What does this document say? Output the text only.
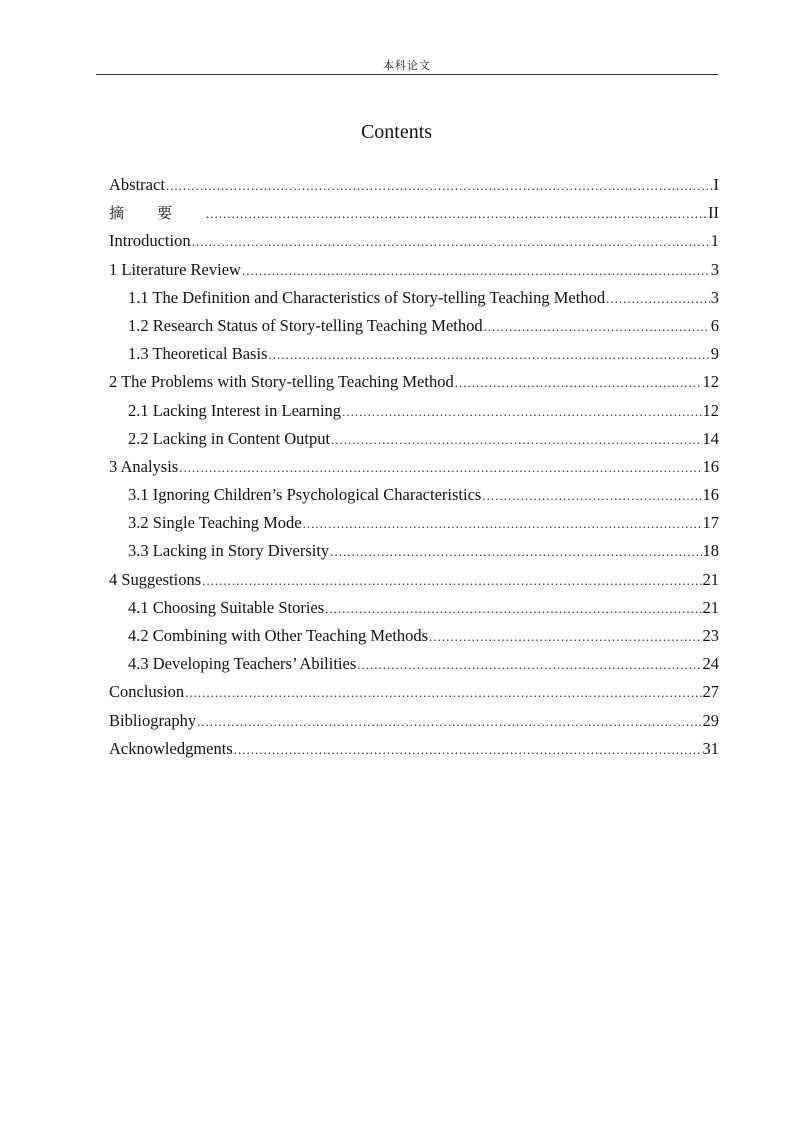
本科论文
Contents
Abstract .....	I
摘要 .....	II
Introduction .....	1
1 Literature Review .....	3
1.1 The Definition and Characteristics of Story-telling Teaching Method .....	3
1.2 Research Status of Story-telling Teaching Method .....	6
1.3 Theoretical Basis .....	9
2 The Problems with Story-telling Teaching Method .....	12
2.1 Lacking Interest in Learning .....	12
2.2 Lacking in Content Output .....	14
3 Analysis .....	16
3.1 Ignoring Children’s Psychological Characteristics .....	16
3.2 Single Teaching Mode .....	17
3.3 Lacking in Story Diversity .....	18
4 Suggestions .....	21
4.1 Choosing Suitable Stories .....	21
4.2 Combining with Other Teaching Methods .....	23
4.3 Developing Teachers’ Abilities .....	24
Conclusion .....	27
Bibliography .....	29
Acknowledgments .....	31
